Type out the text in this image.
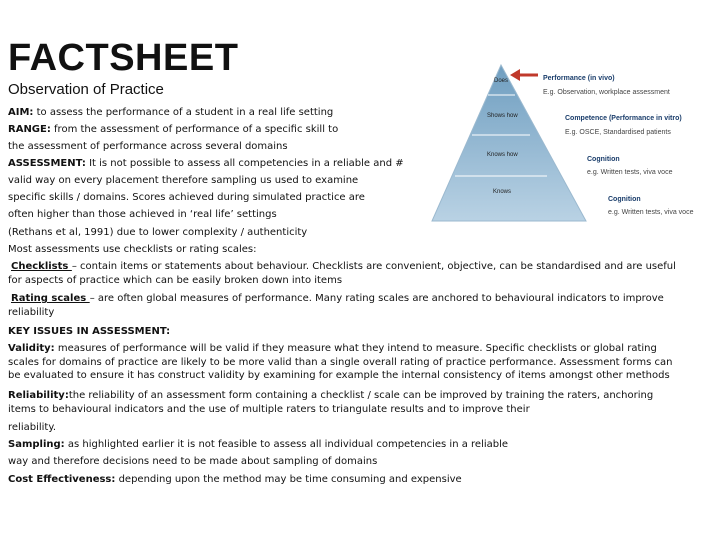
FACTSHEET

Observation of Practice	Does
Shows how
Knows how
Knows
Performance (in vivo)
E.g. Observation, workplace assessment
Competence (Performance in vitro)
E.g. OSCE, Standardised patients
Cognition
e.g. Written tests, viva voce
Cognition
e.g. Written tests, viva voce
AIM: to assess the performance of a student in a real life setting
RANGE: from the assessment of performance of a specific skill to
the assessment of performance across several domains
ASSESSMENT: It is not possible to assess all competencies in a reliable and #
valid way on every placement therefore sampling us used to examine
specific skills / domains. Scores achieved during simulated practice are
often higher than those achieved in ‘real life’ settings
(Rethans et al, 1991) due to lower complexity / authenticity
Most assessments use checklists or rating scales:
Checklists – contain items or statements about behaviour. Checklists are convenient, objective, can be standardised and are useful for aspects of practice which can be easily broken down into items
Rating scales – are often global measures of performance. Many rating scales are anchored to behavioural indicators to improve reliability
KEY ISSUES IN ASSESSMENT:
Validity: measures of performance will be valid if they measure what they intend to measure. Specific checklists or global rating scales for domains of practice are likely to be more valid than a single overall rating of practice performance. Assessment forms can be evaluated to ensure it has construct validity by examining for example the internal consistency of items amongst other methods
Reliability:the reliability of an assessment form containing a checklist / scale can be improved by training the raters, anchoring items to behavioural indicators and the use of multiple raters to triangulate results and to improve their
reliability.
Sampling: as highlighted earlier it is not feasible to assess all individual competencies in a reliable
way and therefore decisions need to be made about sampling of domains
Cost Effectiveness: depending upon the method may be time consuming and expensive
